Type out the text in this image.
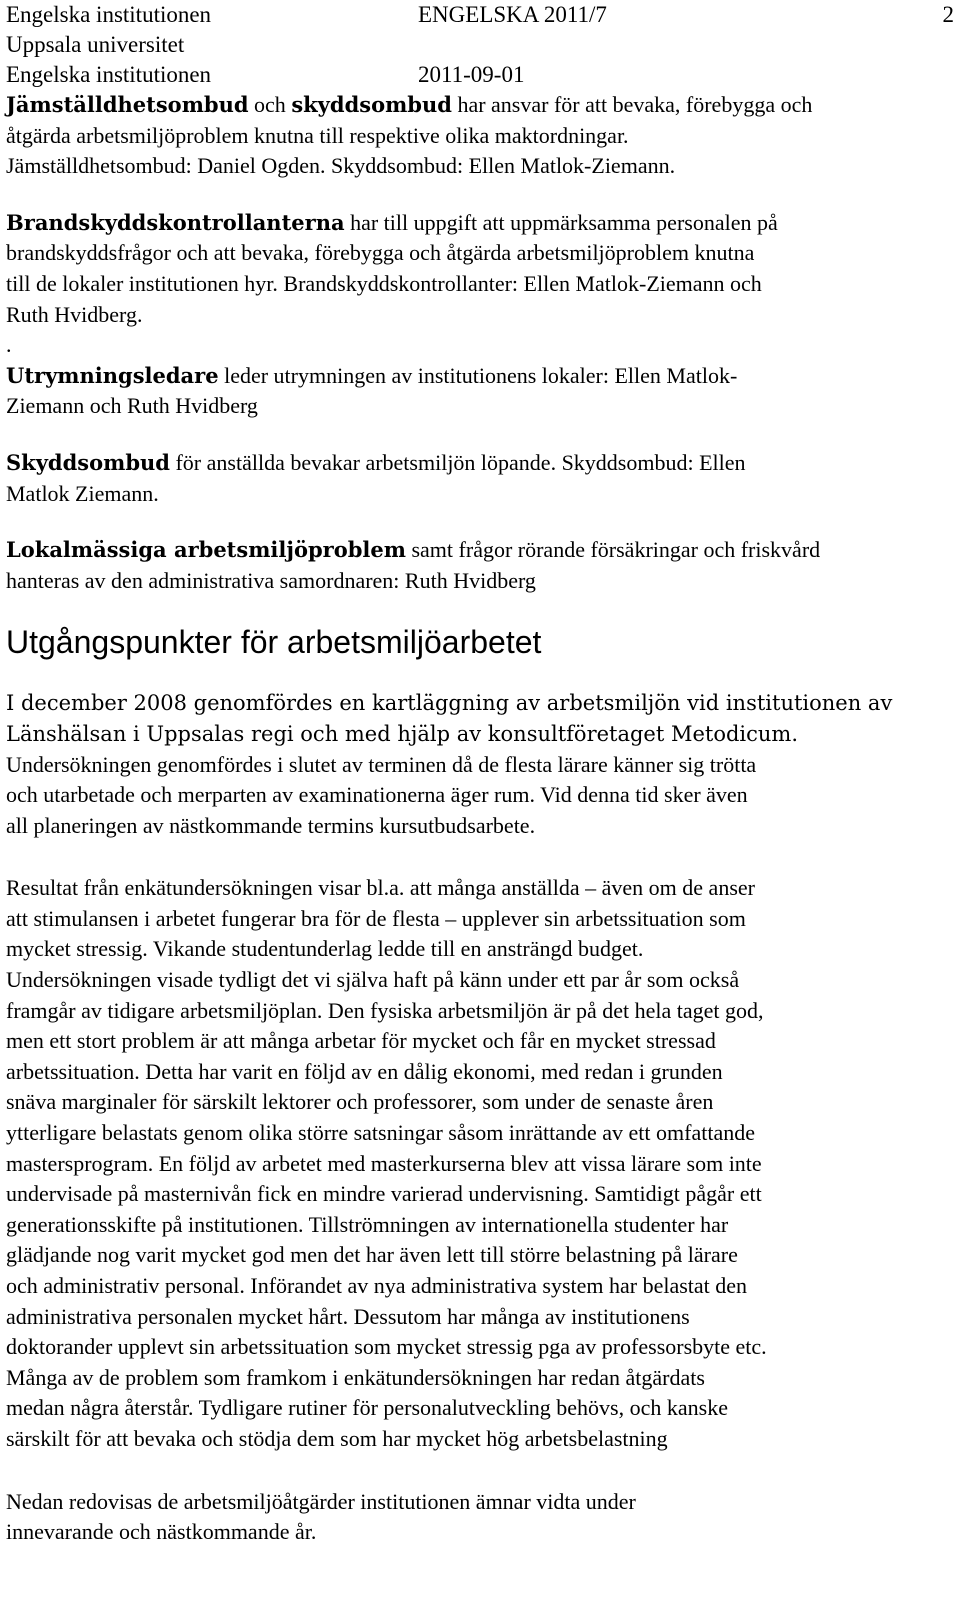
Engelska institutionen	ENGELSKA 2011/7	2
Uppsala universitet
Engelska institutionen	2011-09-01

Jämställdhetsombud och skyddsombud har ansvar för att bevaka, förebygga och
åtgärda arbetsmiljöproblem knutna till respektive olika maktordningar.
Jämställdhetsombud: Daniel Ogden. Skyddsombud: Ellen Matlok-Ziemann.

Brandskyddskontrollanterna har till uppgift att uppmärksamma personalen på
brandskyddsfrågor och att bevaka, förebygga och åtgärda arbetsmiljöproblem knutna
till de lokaler institutionen hyr. Brandskyddskontrollanter: Ellen Matlok-Ziemann och
Ruth Hvidberg.

.
Utrymningsledare leder utrymningen av institutionens lokaler: Ellen Matlok-
Ziemann och Ruth Hvidberg

Skyddsombud för anställda bevakar arbetsmiljön löpande. Skyddsombud: Ellen
Matlok Ziemann.

Lokalmässiga arbetsmiljöproblem samt frågor rörande försäkringar och friskvård
hanteras av den administrativa samordnaren: Ruth Hvidberg

Utgångspunkter för arbetsmiljöarbetet

I december 2008 genomfördes en kartläggning av arbetsmiljön vid institutionen av
Länshälsan i Uppsalas regi och med hjälp av konsultföretaget Metodicum.
Undersökningen genomfördes i slutet av terminen då de flesta lärare känner sig trötta
och utarbetade och merparten av examinationerna äger rum. Vid denna tid sker även
all planeringen av nästkommande termins kursutbudsarbete.

Resultat från enkätundersökningen visar bl.a. att många anställda – även om de anser
att stimulansen i arbetet fungerar bra för de flesta – upplever sin arbetssituation som
mycket stressig. Vikande studentunderlag ledde till en ansträngd budget.
Undersökningen visade tydligt det vi själva haft på känn under ett par år som också
framgår av tidigare arbetsmiljöplan. Den fysiska arbetsmiljön är på det hela taget god,
men ett stort problem är att många arbetar för mycket och får en mycket stressad
arbetssituation. Detta har varit en följd av en dålig ekonomi, med redan i grunden
snäva marginaler för särskilt lektorer och professorer, som under de senaste åren
ytterligare belastats genom olika större satsningar såsom inrättande av ett omfattande
mastersprogram. En följd av arbetet med masterkurserna blev att vissa lärare som inte
undervisade på masternivån fick en mindre varierad undervisning. Samtidigt pågår ett
generationsskifte på institutionen. Tillströmningen av internationella studenter har
glädjande nog varit mycket god men det har även lett till större belastning på lärare
och administrativ personal. Införandet av nya administrativa system har belastat den
administrativa personalen mycket hårt. Dessutom har många av institutionens
doktorander upplevt sin arbetssituation som mycket stressig pga av professorsbyte etc.
Många av de problem som framkom i enkätundersökningen har redan åtgärdats
medan några återstår. Tydligare rutiner för personalutveckling behövs, och kanske
särskilt för att bevaka och stödja dem som har mycket hög arbetsbelastning

Nedan redovisas de arbetsmiljöåtgärder institutionen ämnar vidta under
innevarande och nästkommande år.
